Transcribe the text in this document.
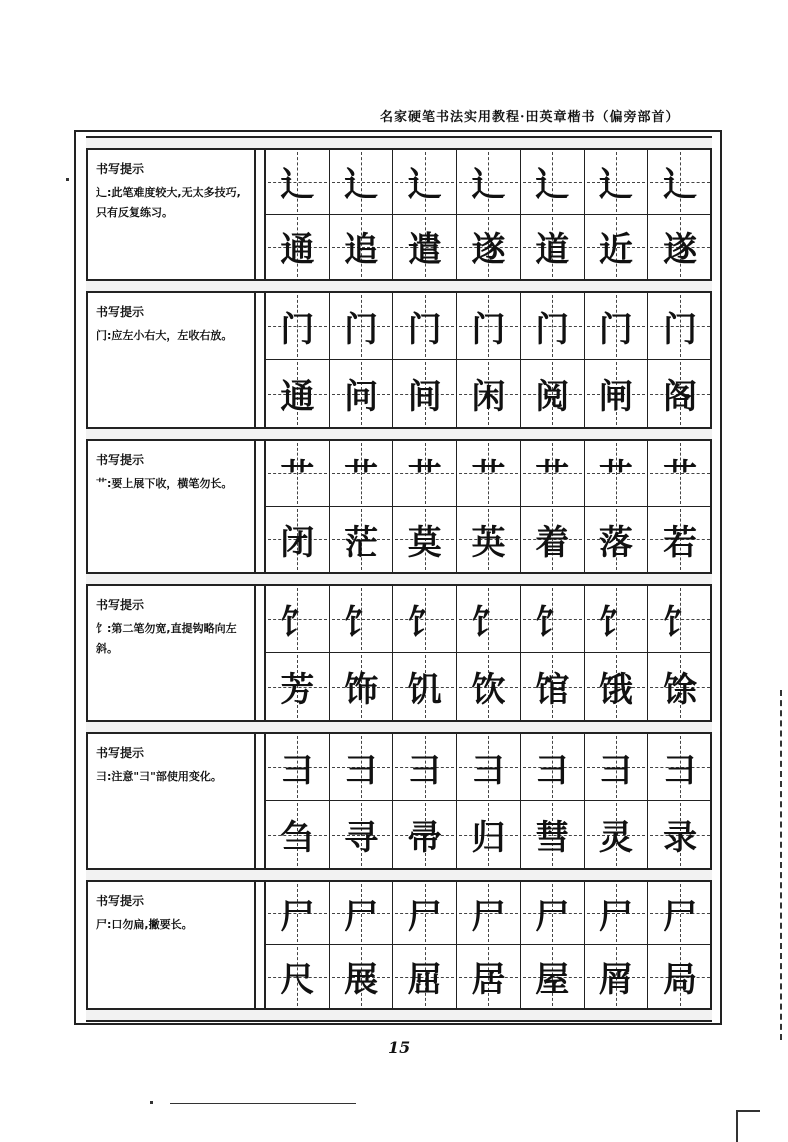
名家硬笔书法实用教程·田英章楷书（偏旁部首）
书写提示
辶:此笔难度较大,无太多技巧,只有反复练习。
辶 辶 辶 辶 辶 辶 辶
通 追 遣 遂 道 近 遂
书写提示
门:应左小右大，左收右放。	门 门 门 门 门 门 门
通 问 间 闲 阅 闸 阁
书写提示
艹:要上展下收，横笔勿长。	艹 艹 艹 艹 艹 艹 艹
闭 茫 莫 英 着 落 若
书写提示
饣:第二笔勿宽,直提钩略向左斜。
饣 饣 饣 饣 饣 饣 饣
芳 饰 饥 饮 馆 饿 馀
书写提示
彐:注意"彐"部使用变化。	彐 彐 彐 彐 彐 彐 彐
刍 寻 帚 归 彗 灵 录
书写提示
尸:口勿扁,撇要长。	尸 尸 尸 尸 尸 尸 尸
尺 展 屈 居 屋 屑 局
15
